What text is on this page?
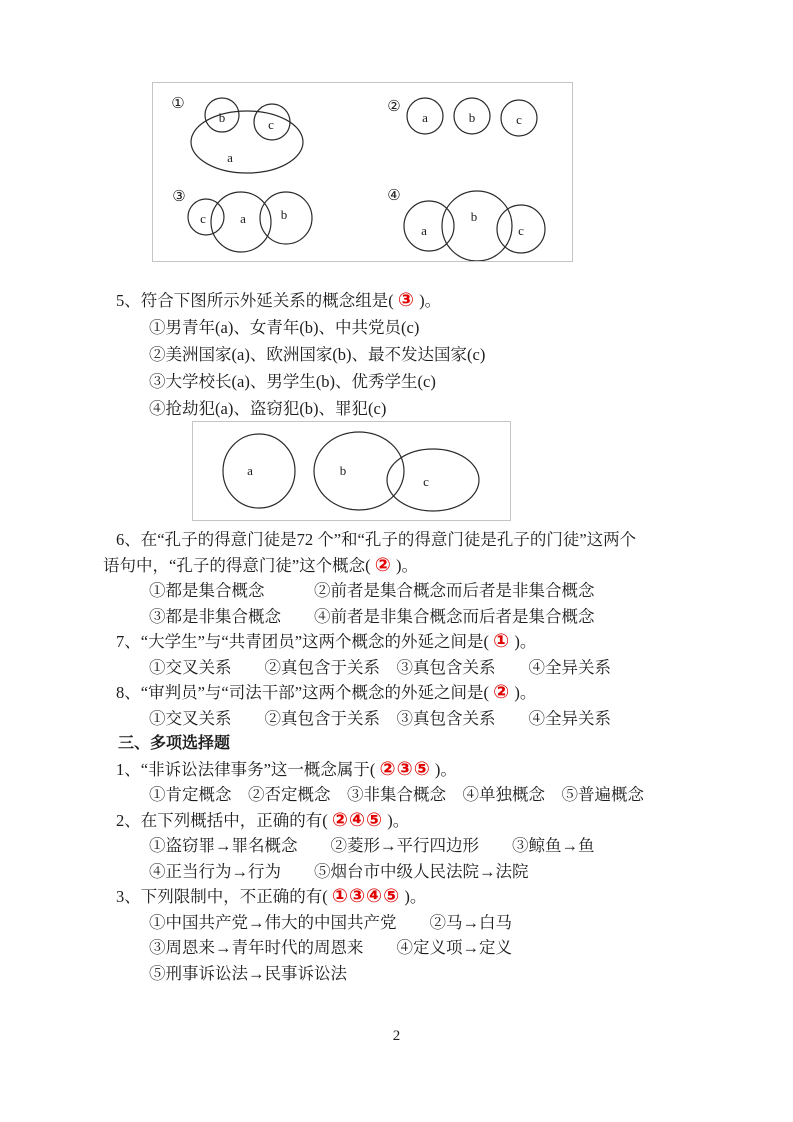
①
b	c
a
②
a	b	c
③
c	a	b
④
a
b
c
5、符合下图所示外延关系的概念组是( ③ )。
①男青年(a)、女青年(b)、中共党员(c)
②美洲国家(a)、欧洲国家(b)、最不发达国家(c)
③大学校长(a)、男学生(b)、优秀学生(c)
④抢劫犯(a)、盗窃犯(b)、罪犯(c)
a	b
c
6、在“孔子的得意门徒是72 个”和“孔子的得意门徒是孔子的门徒”这两个
语句中，“孔子的得意门徒”这个概念( ② )。
①都是集合概念　　　②前者是集合概念而后者是非集合概念
③都是非集合概念　　④前者是非集合概念而后者是集合概念
7、“大学生”与“共青团员”这两个概念的外延之间是( ① )。
①交叉关系　　②真包含于关系　③真包含关系　　④全异关系
8、“审判员”与“司法干部”这两个概念的外延之间是( ② )。
①交叉关系　　②真包含于关系　③真包含关系　　④全异关系
三、多项选择题
1、“非诉讼法律事务”这一概念属于( ②③⑤ )。
①肯定概念　②否定概念　③非集合概念　④单独概念　⑤普遍概念
2、在下列概括中，正确的有( ②④⑤ )。
①盗窃罪→罪名概念　　②菱形→平行四边形　　③鲸鱼→鱼
④正当行为→行为　　⑤烟台市中级人民法院→法院
3、下列限制中，不正确的有( ①③④⑤ )。
①中国共产党→伟大的中国共产党　　②马→白马
③周恩来→青年时代的周恩来　　④定义项→定义
⑤刑事诉讼法→民事诉讼法
2
